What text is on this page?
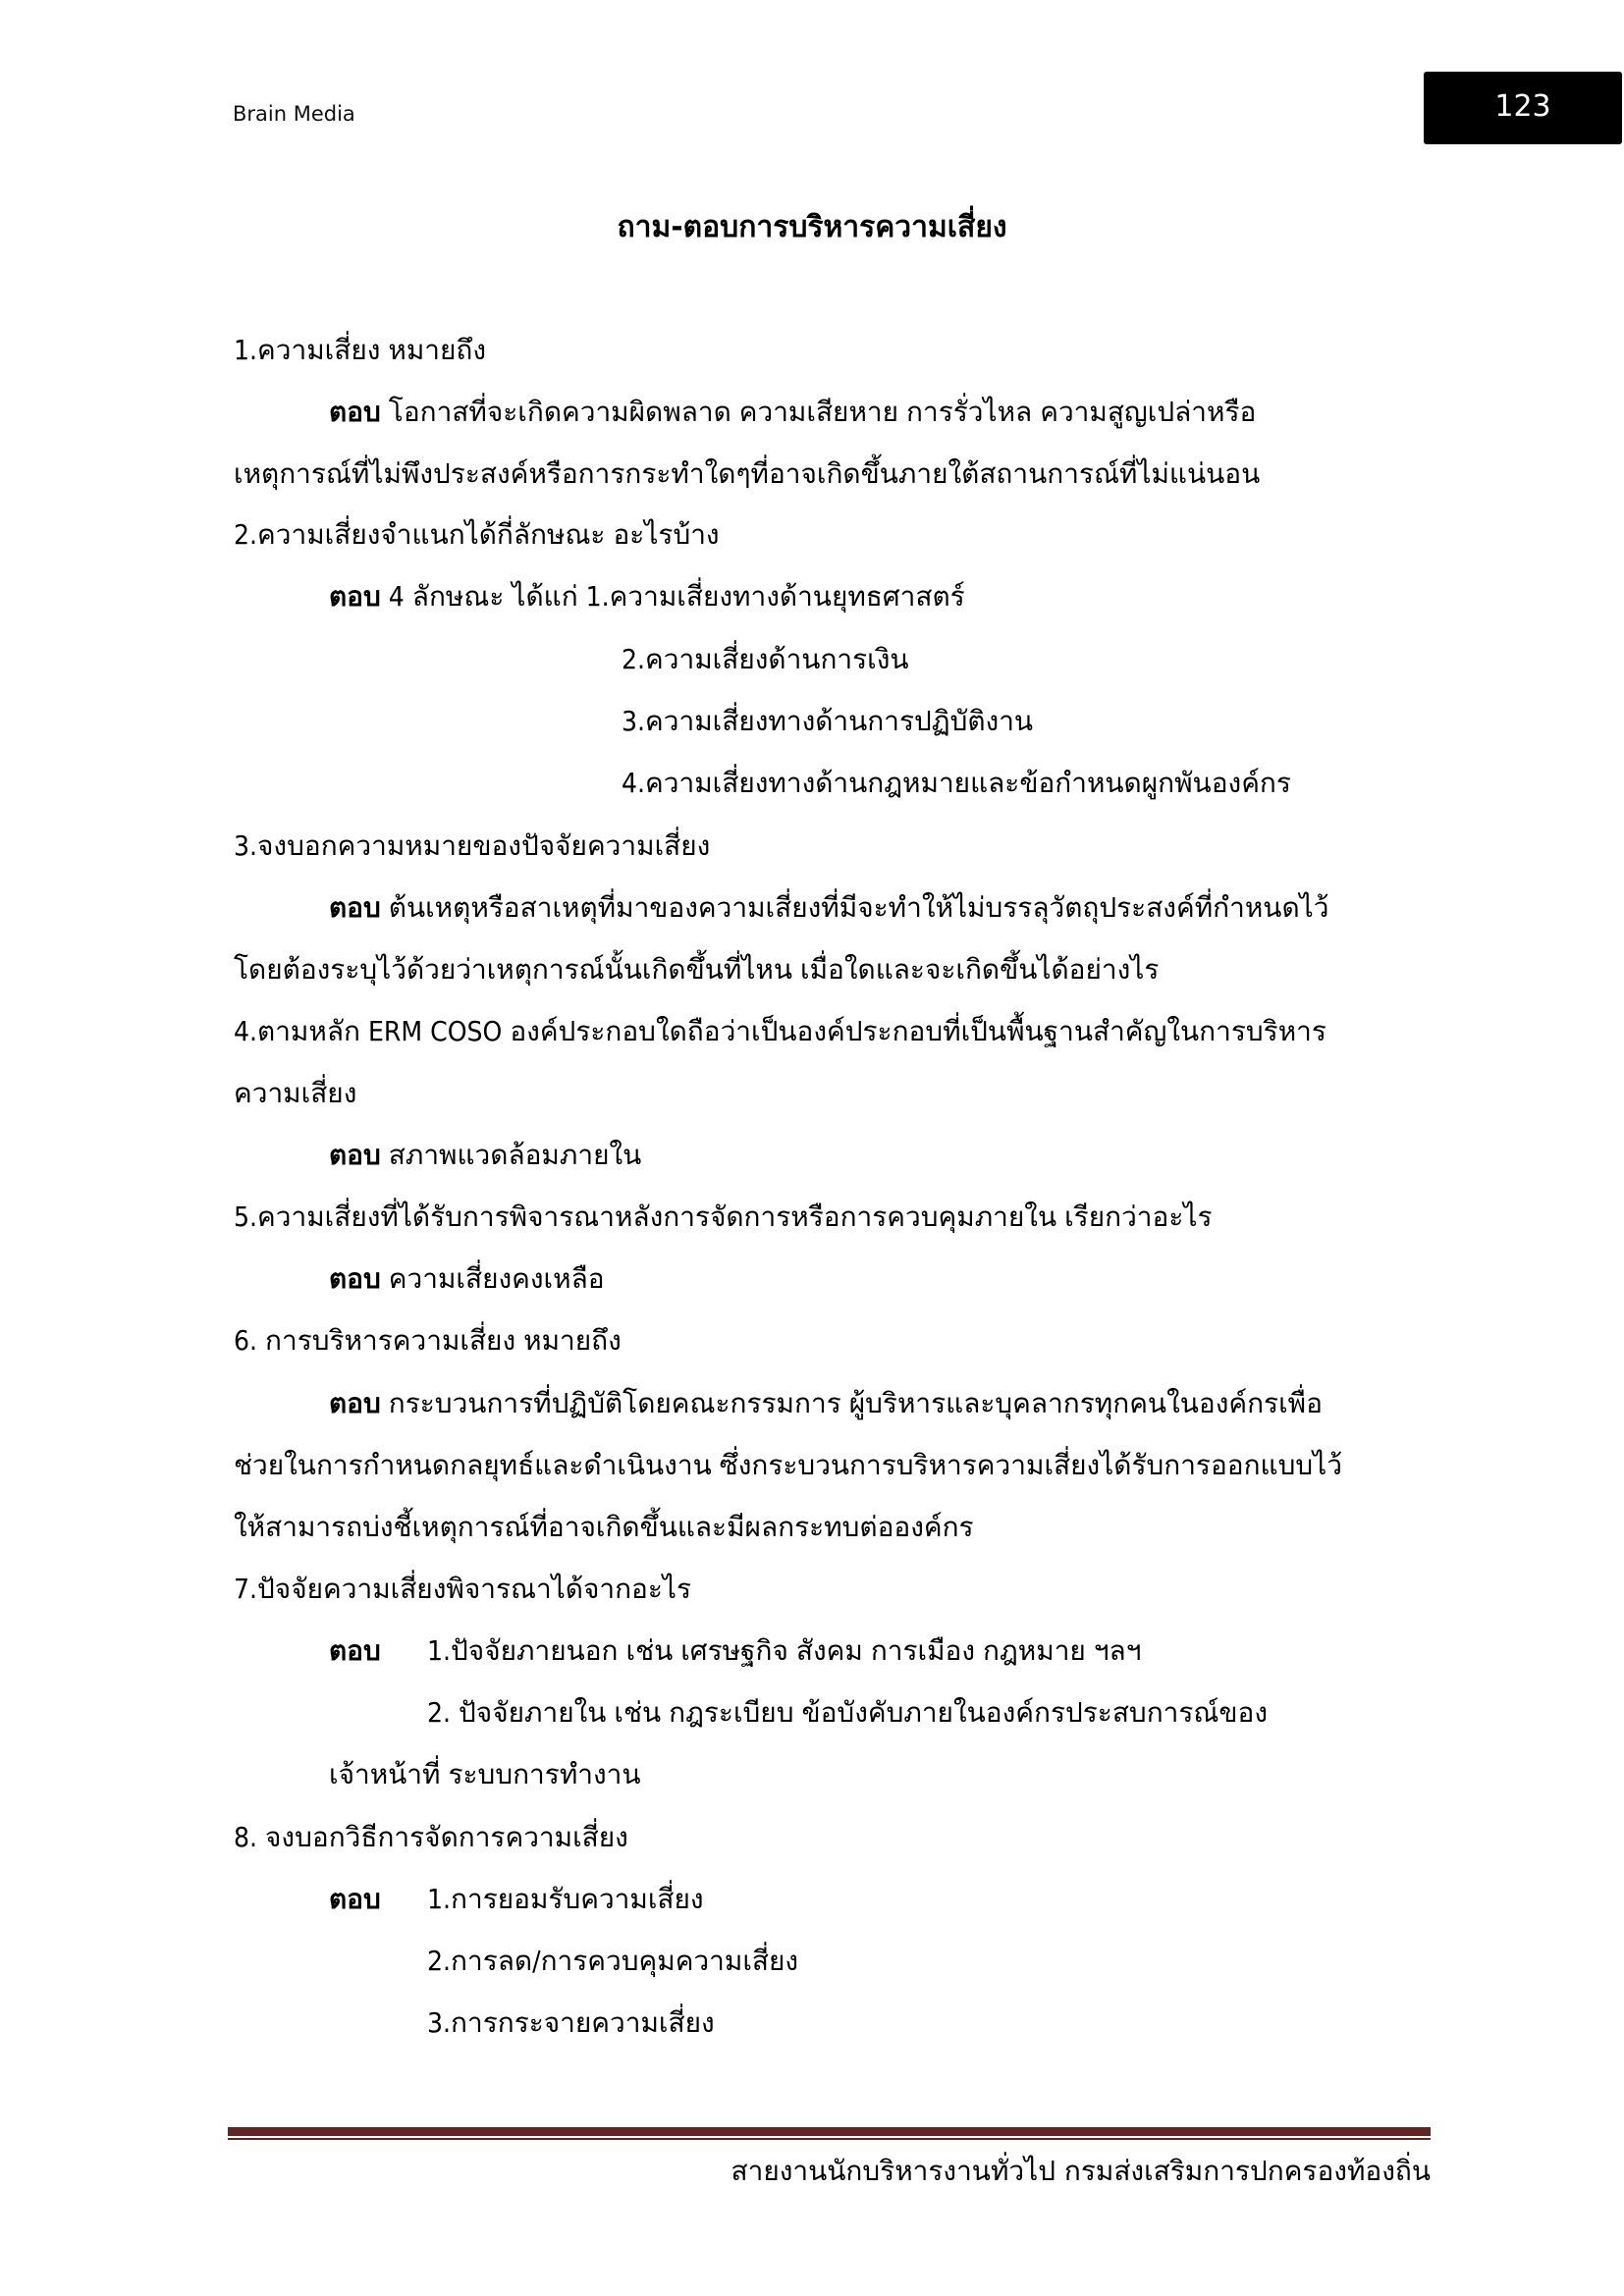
Brain Media	123
ถาม-ตอบการบริหารความเสี่ยง
1.ความเสี่ยง หมายถึง
ตอบ โอกาสที่จะเกิดความผิดพลาด ความเสียหาย การรั่วไหล ความสูญเปล่าหรือ
เหตุการณ์ที่ไม่พึงประสงค์หรือการกระทำใดๆที่อาจเกิดขึ้นภายใต้สถานการณ์ที่ไม่แน่นอน
2.ความเสี่ยงจำแนกได้กี่ลักษณะ อะไรบ้าง
ตอบ 4 ลักษณะ ได้แก่ 1.ความเสี่ยงทางด้านยุทธศาสตร์
2.ความเสี่ยงด้านการเงิน
3.ความเสี่ยงทางด้านการปฏิบัติงาน
4.ความเสี่ยงทางด้านกฎหมายและข้อกำหนดผูกพันองค์กร
3.จงบอกความหมายของปัจจัยความเสี่ยง
ตอบ ต้นเหตุหรือสาเหตุที่มาของความเสี่ยงที่มีจะทำให้ไม่บรรลุวัตถุประสงค์ที่กำหนดไว้
โดยต้องระบุไว้ด้วยว่าเหตุการณ์นั้นเกิดขึ้นที่ไหน เมื่อใดและจะเกิดขึ้นได้อย่างไร
4.ตามหลัก ERM COSO องค์ประกอบใดถือว่าเป็นองค์ประกอบที่เป็นพื้นฐานสำคัญในการบริหาร
ความเสี่ยง
ตอบ สภาพแวดล้อมภายใน
5.ความเสี่ยงที่ได้รับการพิจารณาหลังการจัดการหรือการควบคุมภายใน เรียกว่าอะไร
ตอบ ความเสี่ยงคงเหลือ
6. การบริหารความเสี่ยง หมายถึง
ตอบ กระบวนการที่ปฏิบัติโดยคณะกรรมการ ผู้บริหารและบุคลากรทุกคนในองค์กรเพื่อ
ช่วยในการกำหนดกลยุทธ์และดำเนินงาน ซึ่งกระบวนการบริหารความเสี่ยงได้รับการออกแบบไว้
ให้สามารถบ่งชี้เหตุการณ์ที่อาจเกิดขึ้นและมีผลกระทบต่อองค์กร
7.ปัจจัยความเสี่ยงพิจารณาได้จากอะไร
ตอบ 1.ปัจจัยภายนอก เช่น เศรษฐกิจ สังคม การเมือง กฎหมาย ฯลฯ
2. ปัจจัยภายใน เช่น กฎระเบียบ ข้อบังคับภายในองค์กรประสบการณ์ของ
เจ้าหน้าที่ ระบบการทำงาน
8. จงบอกวิธีการจัดการความเสี่ยง
ตอบ 1.การยอมรับความเสี่ยง
2.การลด/การควบคุมความเสี่ยง
3.การกระจายความเสี่ยง
สายงานนักบริหารงานทั่วไป กรมส่งเสริมการปกครองท้องถิ่น
